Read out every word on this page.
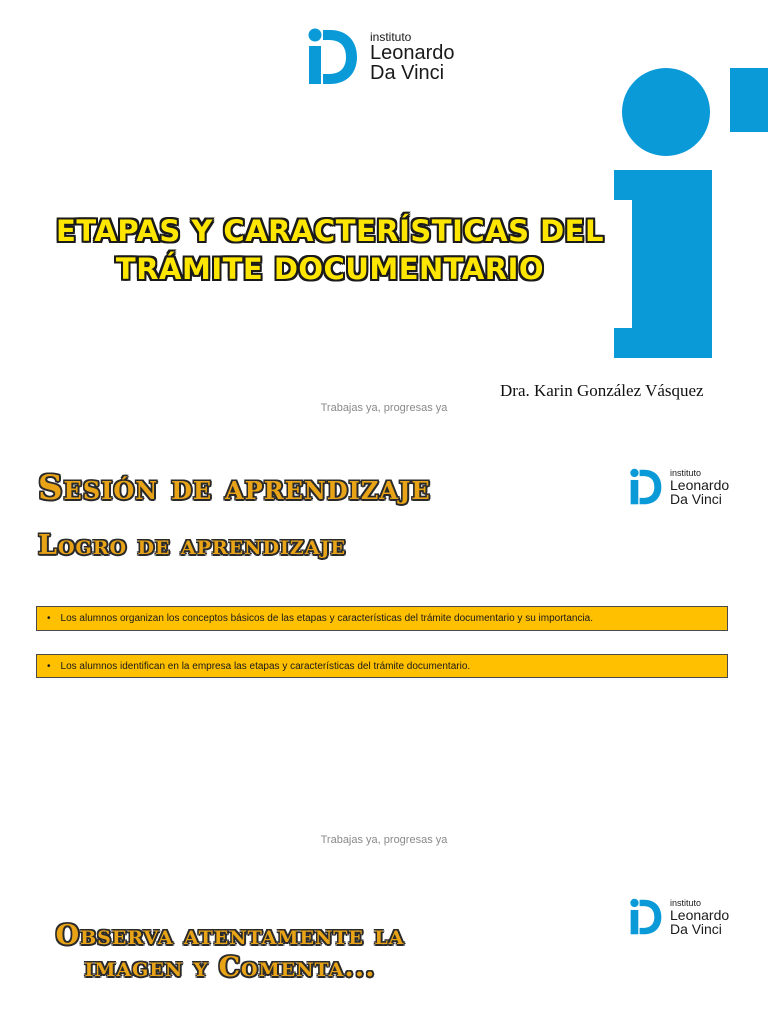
instituto
Leonardo
Da Vinci
ETAPAS Y CARACTERÍSTICAS DEL
TRÁMITE DOCUMENTARIO
Dra. Karin González Vásquez
Trabajas ya, progresas ya
Sesión de aprendizaje
Logro de aprendizaje
instituto
Leonardo
Da Vinci
• Los alumnos organizan los conceptos básicos de las etapas y características del trámite documentario y su importancia.
• Los alumnos identifican en la empresa las etapas y características del trámite documentario.
Trabajas ya, progresas ya
instituto
Leonardo
Da Vinci
Observa atentamente la
imagen y Comenta...
